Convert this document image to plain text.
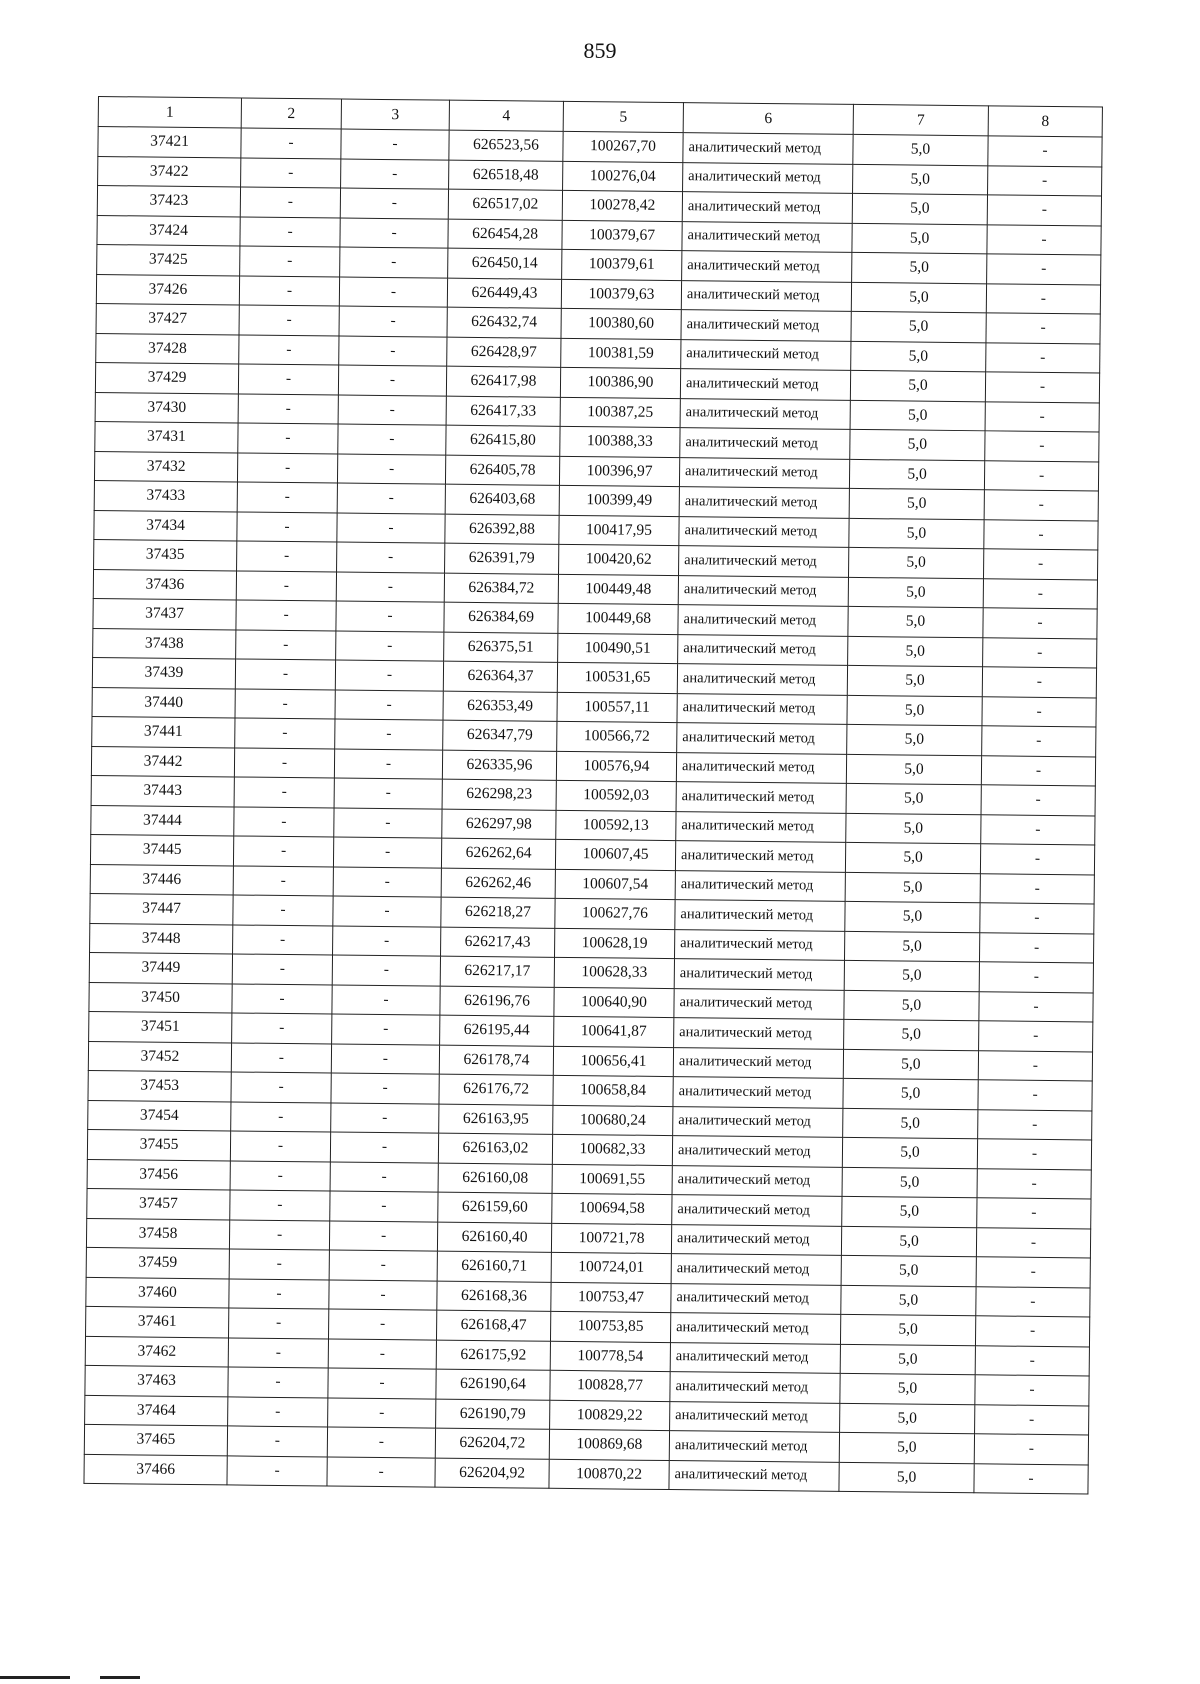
859
1	2	3	4	5	6	7	8
37421	-	-	626523,56	100267,70	аналитический метод	5,0	-
37422	-	-	626518,48	100276,04	аналитический метод	5,0	-
37423	-	-	626517,02	100278,42	аналитический метод	5,0	-
37424	-	-	626454,28	100379,67	аналитический метод	5,0	-
37425	-	-	626450,14	100379,61	аналитический метод	5,0	-
37426	-	-	626449,43	100379,63	аналитический метод	5,0	-
37427	-	-	626432,74	100380,60	аналитический метод	5,0	-
37428	-	-	626428,97	100381,59	аналитический метод	5,0	-
37429	-	-	626417,98	100386,90	аналитический метод	5,0	-
37430	-	-	626417,33	100387,25	аналитический метод	5,0	-
37431	-	-	626415,80	100388,33	аналитический метод	5,0	-
37432	-	-	626405,78	100396,97	аналитический метод	5,0	-
37433	-	-	626403,68	100399,49	аналитический метод	5,0	-
37434	-	-	626392,88	100417,95	аналитический метод	5,0	-
37435	-	-	626391,79	100420,62	аналитический метод	5,0	-
37436	-	-	626384,72	100449,48	аналитический метод	5,0	-
37437	-	-	626384,69	100449,68	аналитический метод	5,0	-
37438	-	-	626375,51	100490,51	аналитический метод	5,0	-
37439	-	-	626364,37	100531,65	аналитический метод	5,0	-
37440	-	-	626353,49	100557,11	аналитический метод	5,0	-
37441	-	-	626347,79	100566,72	аналитический метод	5,0	-
37442	-	-	626335,96	100576,94	аналитический метод	5,0	-
37443	-	-	626298,23	100592,03	аналитический метод	5,0	-
37444	-	-	626297,98	100592,13	аналитический метод	5,0	-
37445	-	-	626262,64	100607,45	аналитический метод	5,0	-
37446	-	-	626262,46	100607,54	аналитический метод	5,0	-
37447	-	-	626218,27	100627,76	аналитический метод	5,0	-
37448	-	-	626217,43	100628,19	аналитический метод	5,0	-
37449	-	-	626217,17	100628,33	аналитический метод	5,0	-
37450	-	-	626196,76	100640,90	аналитический метод	5,0	-
37451	-	-	626195,44	100641,87	аналитический метод	5,0	-
37452	-	-	626178,74	100656,41	аналитический метод	5,0	-
37453	-	-	626176,72	100658,84	аналитический метод	5,0	-
37454	-	-	626163,95	100680,24	аналитический метод	5,0	-
37455	-	-	626163,02	100682,33	аналитический метод	5,0	-
37456	-	-	626160,08	100691,55	аналитический метод	5,0	-
37457	-	-	626159,60	100694,58	аналитический метод	5,0	-
37458	-	-	626160,40	100721,78	аналитический метод	5,0	-
37459	-	-	626160,71	100724,01	аналитический метод	5,0	-
37460	-	-	626168,36	100753,47	аналитический метод	5,0	-
37461	-	-	626168,47	100753,85	аналитический метод	5,0	-
37462	-	-	626175,92	100778,54	аналитический метод	5,0	-
37463	-	-	626190,64	100828,77	аналитический метод	5,0	-
37464	-	-	626190,79	100829,22	аналитический метод	5,0	-
37465	-	-	626204,72	100869,68	аналитический метод	5,0	-
37466	-	-	626204,92	100870,22	аналитический метод	5,0	-
